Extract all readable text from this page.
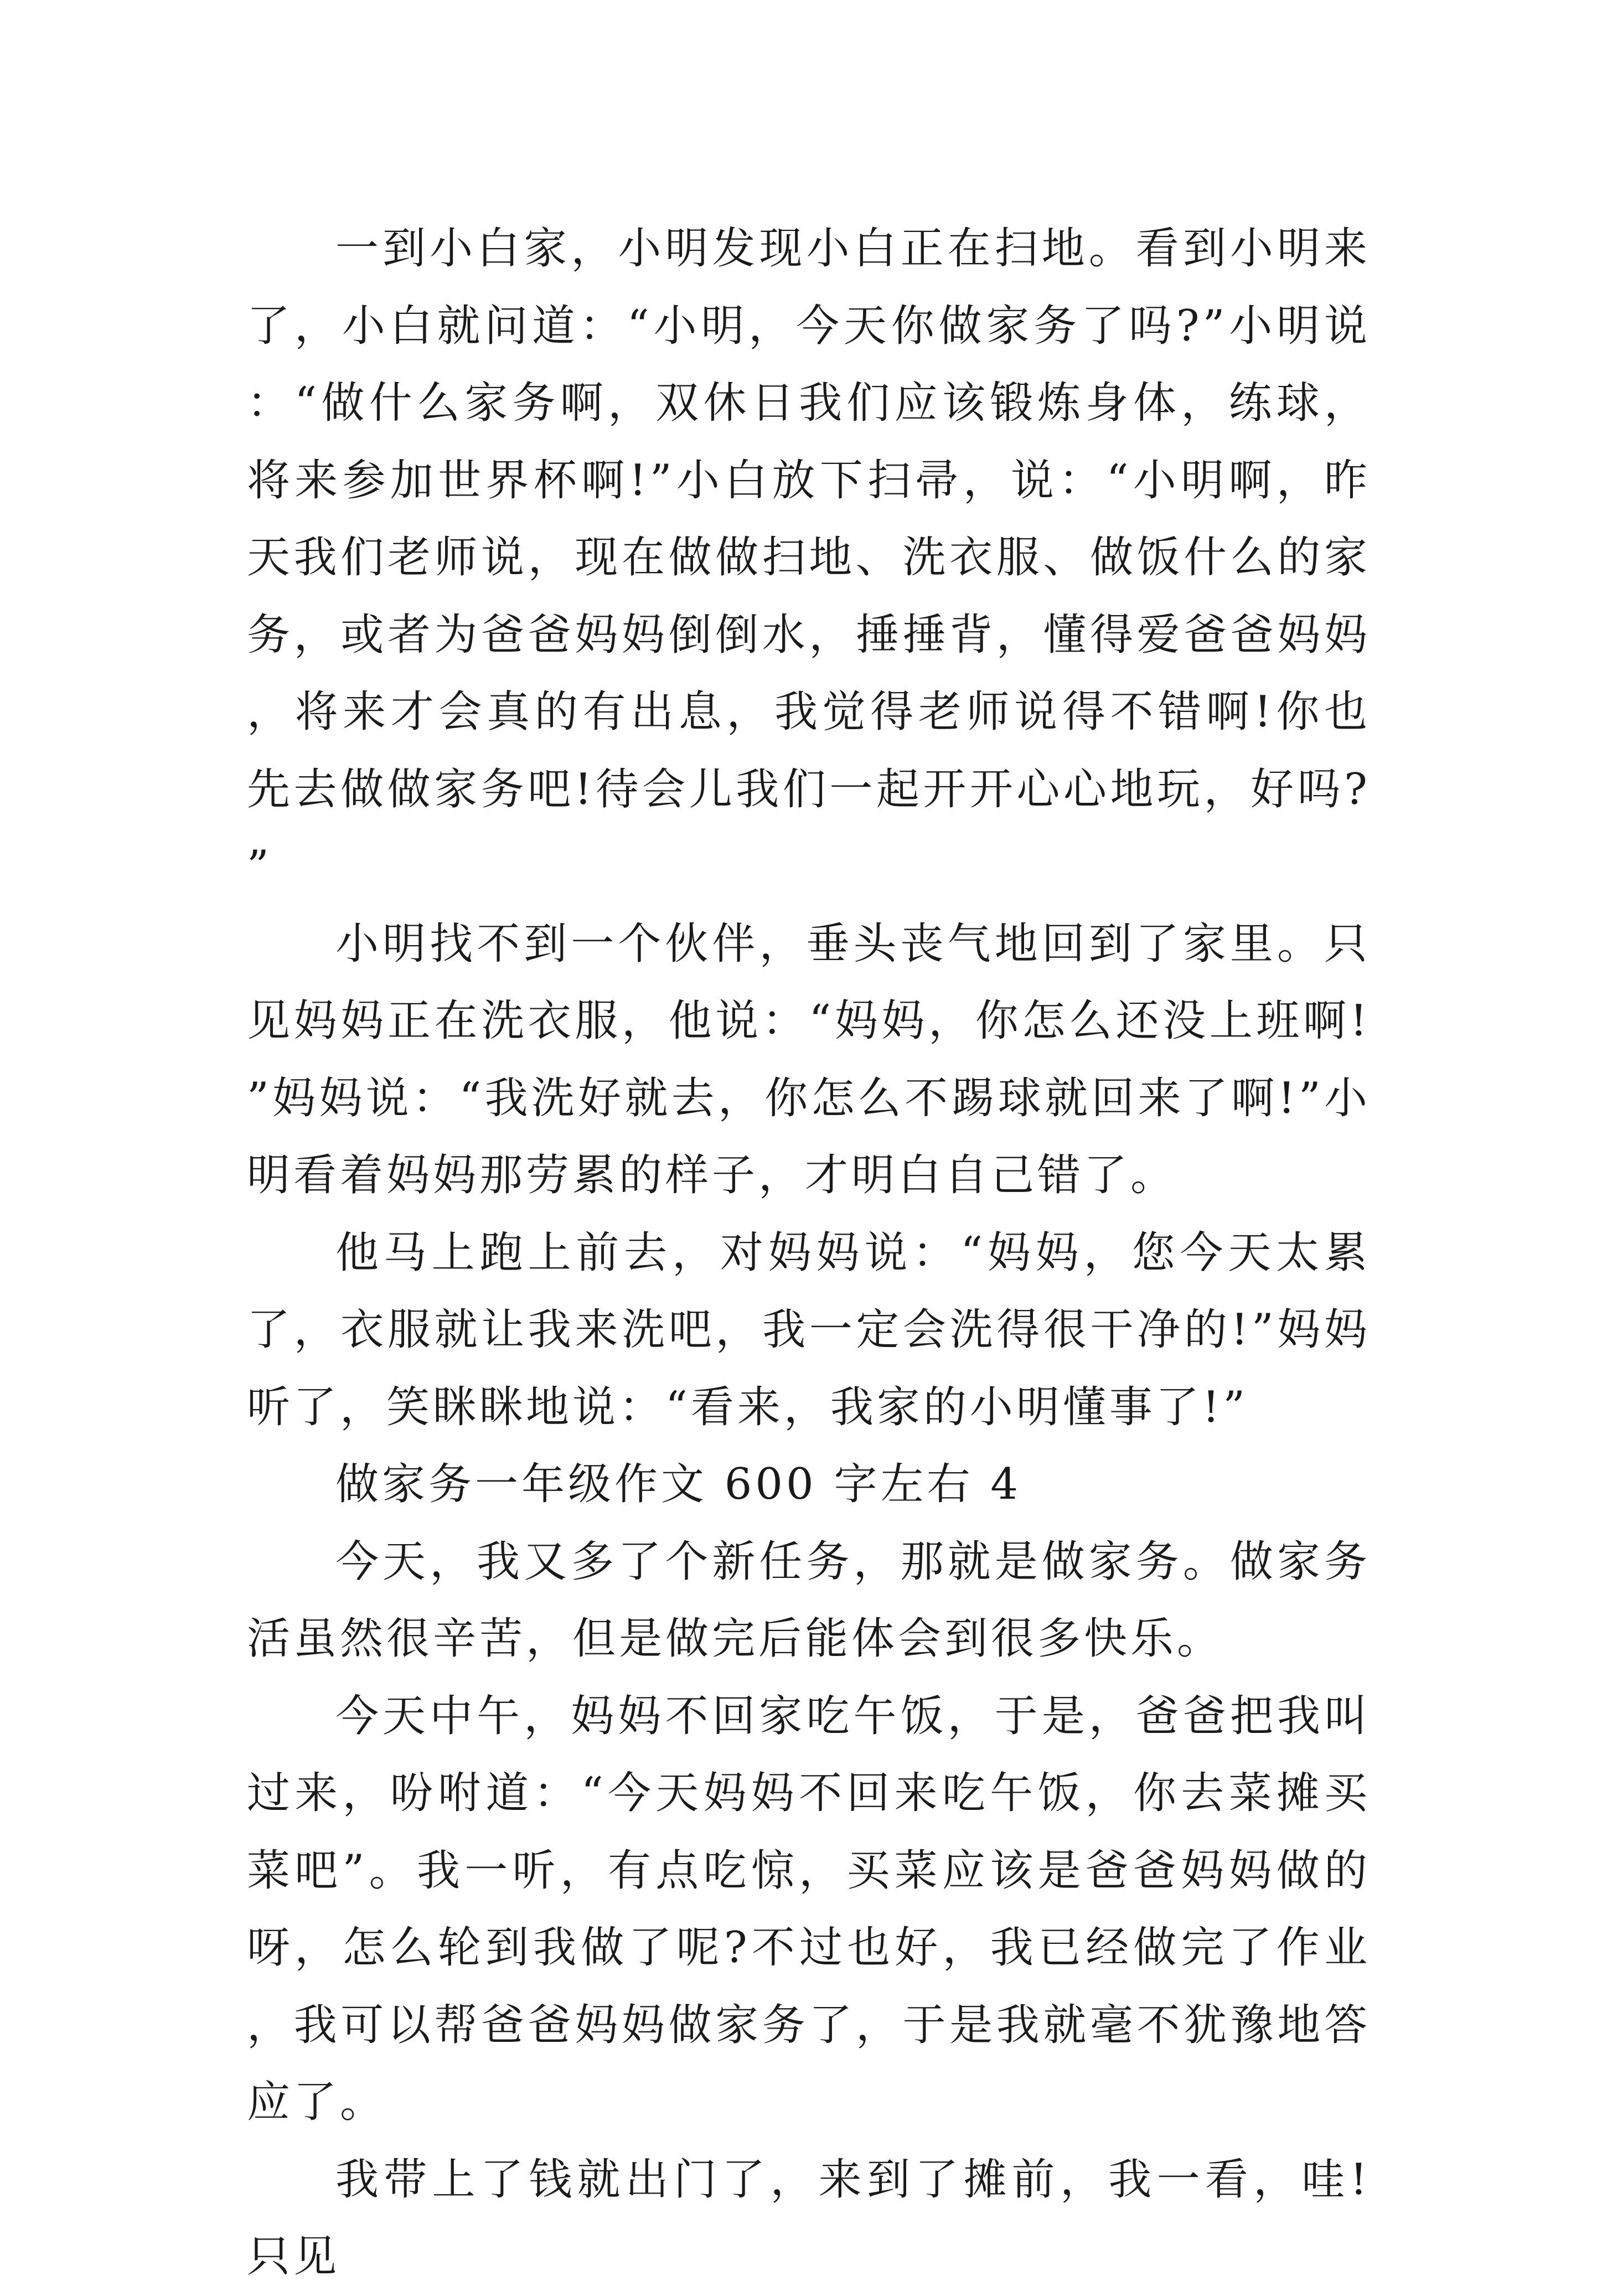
一到小白家，小明发现小白正在扫地。看到小明来了，小白就问道：“小明，今天你做家务了吗?”小明说：“做什么家务啊，双休日我们应该锻炼身体，练球，将来参加世界杯啊!”小白放下扫帚，说：“小明啊，昨天我们老师说，现在做做扫地、洗衣服、做饭什么的家务，或者为爸爸妈妈倒倒水，捶捶背，懂得爱爸爸妈妈，将来才会真的有出息，我觉得老师说得不错啊!你也先去做做家务吧!待会儿我们一起开开心心地玩，好吗?”

小明找不到一个伙伴，垂头丧气地回到了家里。只见妈妈正在洗衣服，他说：“妈妈，你怎么还没上班啊!”妈妈说：“我洗好就去，你怎么不踢球就回来了啊!”小明看着妈妈那劳累的样子，才明白自己错了。

他马上跑上前去，对妈妈说：“妈妈，您今天太累了，衣服就让我来洗吧，我一定会洗得很干净的!”妈妈听了，笑眯眯地说：“看来，我家的小明懂事了!”

做家务一年级作文 600 字左右 4

今天，我又多了个新任务，那就是做家务。做家务活虽然很辛苦，但是做完后能体会到很多快乐。

今天中午，妈妈不回家吃午饭，于是，爸爸把我叫过来，吩咐道：“今天妈妈不回来吃午饭，你去菜摊买菜吧”。我一听，有点吃惊，买菜应该是爸爸妈妈做的呀，怎么轮到我做了呢?不过也好，我已经做完了作业，我可以帮爸爸妈妈做家务了，于是我就毫不犹豫地答应了。

我带上了钱就出门了，来到了摊前，我一看，哇!只见
